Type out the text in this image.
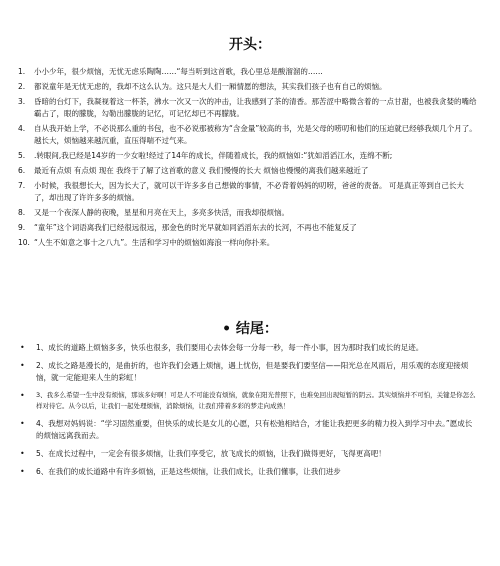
开头：
1. 小小少年，很少烦恼，无忧无虑乐陶陶……“每当听到这首歌，我心里总是酸溜溜的……
2. 都说童年是无忧无虑的，我却不这么认为。这只是大人们一厢情愿的想法，其实我们孩子也有自己的烦恼。
3. 昏暗的台灯下，我凝视着这一杯茶，沸水一次又一次的冲击，让我感到了茶的清香。那苦涩中略微含着的一点甘甜，也被我贪婪的嘴给霸占了，眼的朦胧，勾勒出朦胧的记忆，可记忆却已不再朦胧。
4. 自从我开始上学，不必说那么重的书包，也不必说那被称为“含金量”较高的书，光是父母的唠叨和他们的压迫就已经够我烦几个月了。越长大，烦恼越来越沉重，直压得喘不过气来。
5. .转眼间,我已经是14岁的一少女啦!经过了14年的成长，伴随着成长，我的烦恼如:“犹如滔滔江水，连绵不断;
6. 最近有点烦 有点烦 现在 我终于了解了这首歌的意义 我们慢慢的长大 烦恼也慢慢的离我们越来越近了
7. 小时候，我很想长大，因为长大了，就可以干许多多自己想做的事情，不必背着妈妈的叨唠，爸爸的责备。 可是真正等到自己长大了，却出现了许许多多的烦恼。
8. 又是一个夜深人静的夜晚，星星和月亮在天上，多亮多快活，而我却很烦恼。
9. “童年”这个词语离我们已经很远很远，那金色的时光早就如同滔滔东去的长河，不再也不能复反了
10. “人生不如意之事十之八九”。生活和学习中的烦恼如海浪一样向你扑来。
• 结尾：
• 1、成长的道路上烦恼多多，快乐也很多，我们要用心去体会每一分每一秒，每一件小事，因为那时我们成长的足迹。
• 2、成长之路是漫长的，是曲折的，也许我们会遇上烦恼，遇上忧伤，但是要我们要坚信——阳光总在风雨后，用乐观的态度迎接烦恼，就一定能迎来人生的彩虹！
• 3、我多么希望一生中没有烦恼，那该多好啊！可是人不可能没有烦恼，就象在阳光普照下，也难免回出现短暂的阴云。其实烦恼并不可怕，关键是你怎么样对待它。从今以后，让我们一起处理烦恼，消除烦恼，让我们带着多彩的梦走向成熟！
• 4、我想对妈妈说：“学习固然重要，但快乐的成长是女儿的心愿，只有松弛相结合，才能让我把更多的精力投入到学习中去。”愿成长的烦恼远离我而去。
• 5、在成长过程中，一定会有很多烦恼，让我们享受它，放飞成长的烦恼，让我们做得更好，飞得更高吧！
• 6、在我们的成长道路中有许多烦恼，正是这些烦恼，让我们成长，让我们懂事，让我们进步
